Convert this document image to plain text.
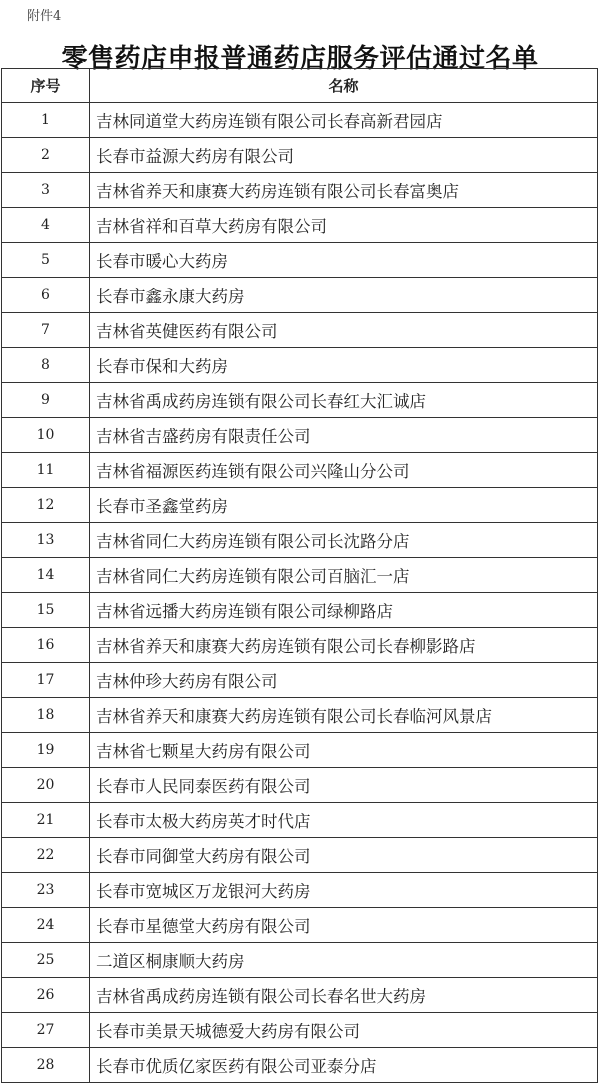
附件4
零售药店申报普通药店服务评估通过名单
序号	名称
1	吉林同道堂大药房连锁有限公司长春高新君园店
2	长春市益源大药房有限公司
3	吉林省养天和康赛大药房连锁有限公司长春富奥店
4	吉林省祥和百草大药房有限公司
5	长春市暖心大药房
6	长春市鑫永康大药房
7	吉林省英健医药有限公司
8	长春市保和大药房
9	吉林省禹成药房连锁有限公司长春红大汇诚店
10	吉林省吉盛药房有限责任公司
11	吉林省福源医药连锁有限公司兴隆山分公司
12	长春市圣鑫堂药房
13	吉林省同仁大药房连锁有限公司长沈路分店
14	吉林省同仁大药房连锁有限公司百脑汇一店
15	吉林省远播大药房连锁有限公司绿柳路店
16	吉林省养天和康赛大药房连锁有限公司长春柳影路店
17	吉林仲珍大药房有限公司
18	吉林省养天和康赛大药房连锁有限公司长春临河风景店
19	吉林省七颗星大药房有限公司
20	长春市人民同泰医药有限公司
21	长春市太极大药房英才时代店
22	长春市同御堂大药房有限公司
23	长春市宽城区万龙银河大药房
24	长春市星德堂大药房有限公司
25	二道区桐康顺大药房
26	吉林省禹成药房连锁有限公司长春名世大药房
27	长春市美景天城德爱大药房有限公司
28	长春市优质亿家医药有限公司亚泰分店
